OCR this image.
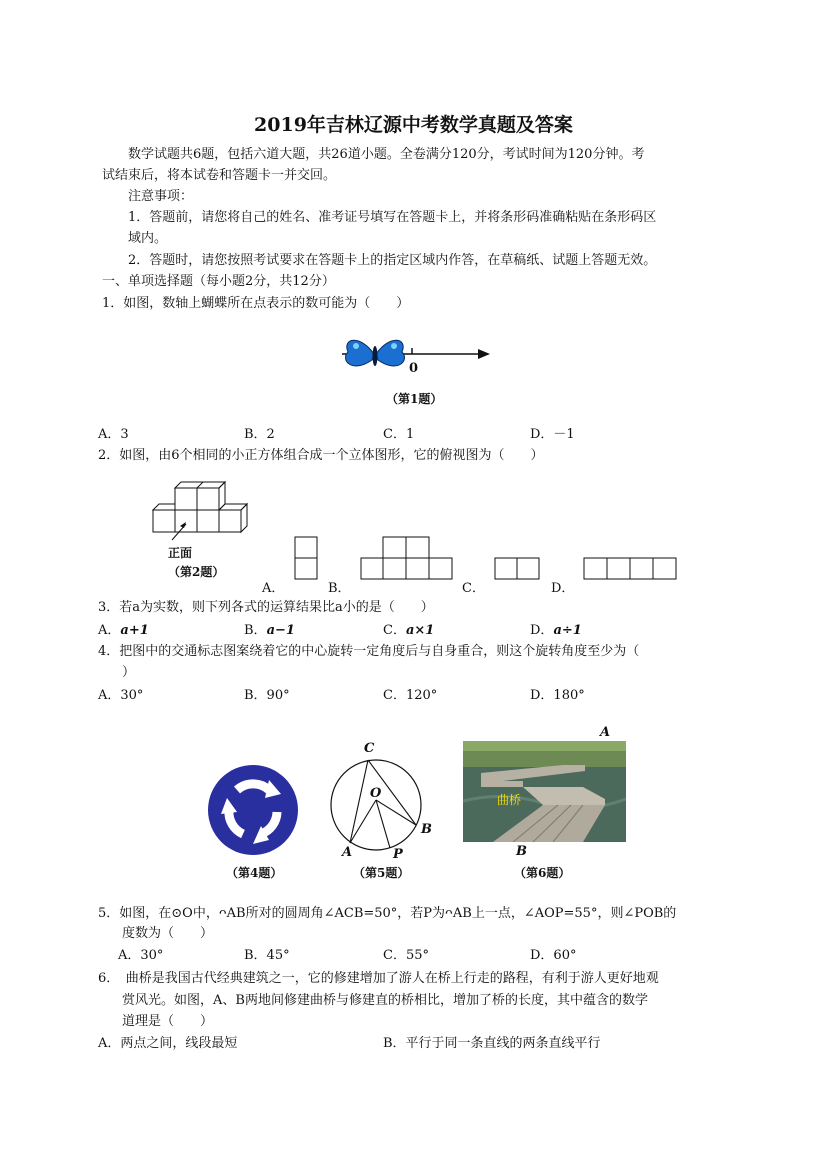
2019年吉林辽源中考数学真题及答案
数学试题共6题，包括六道大题，共26道小题。全卷满分120分，考试时间为120分钟。考
试结束后，将本试卷和答题卡一并交回。
注意事项：
1．答题前，请您将自己的姓名、准考证号填写在答题卡上，并将条形码准确粘贴在条形码区
域内。
2．答题时，请您按照考试要求在答题卡上的指定区域内作答，在草稿纸、试题上答题无效。
一、单项选择题（每小题2分，共12分）
1．如图，数轴上蝴蝶所在点表示的数可能为（　　）
0
（第1题）
A．3	B．2	C．1	D．－1
2．如图，由6个相同的小正方体组合成一个立体图形，它的俯视图为（　　）
正面
（第2题）
A．	B．	C．	D．
3．若a为实数，则下列各式的运算结果比a小的是（　　）
A．a+1	B．a−1	C．a×1	D．a÷1
4．把图中的交通标志图案绕着它的中心旋转一定角度后与自身重合，则这个旋转角度至少为（
）
A．30°	B．90°	C．120°	D．180°
（第4题）
C
O
B
A	P
（第5题）
A
曲桥
B
（第6题）
5．如图，在⊙O中，ᴖAB所对的圆周角∠ACB=50°，若P为ᴖAB上一点，∠AOP=55°，则∠POB的
度数为（　　）
A．30°	B．45°	C．55°	D．60°
6．　曲桥是我国古代经典建筑之一，它的修建增加了游人在桥上行走的路程，有利于游人更好地观
赏风光。如图，A、B两地间修建曲桥与修建直的桥相比，增加了桥的长度，其中蕴含的数学
道理是（　　）
A．两点之间，线段最短	B．平行于同一条直线的两条直线平行
